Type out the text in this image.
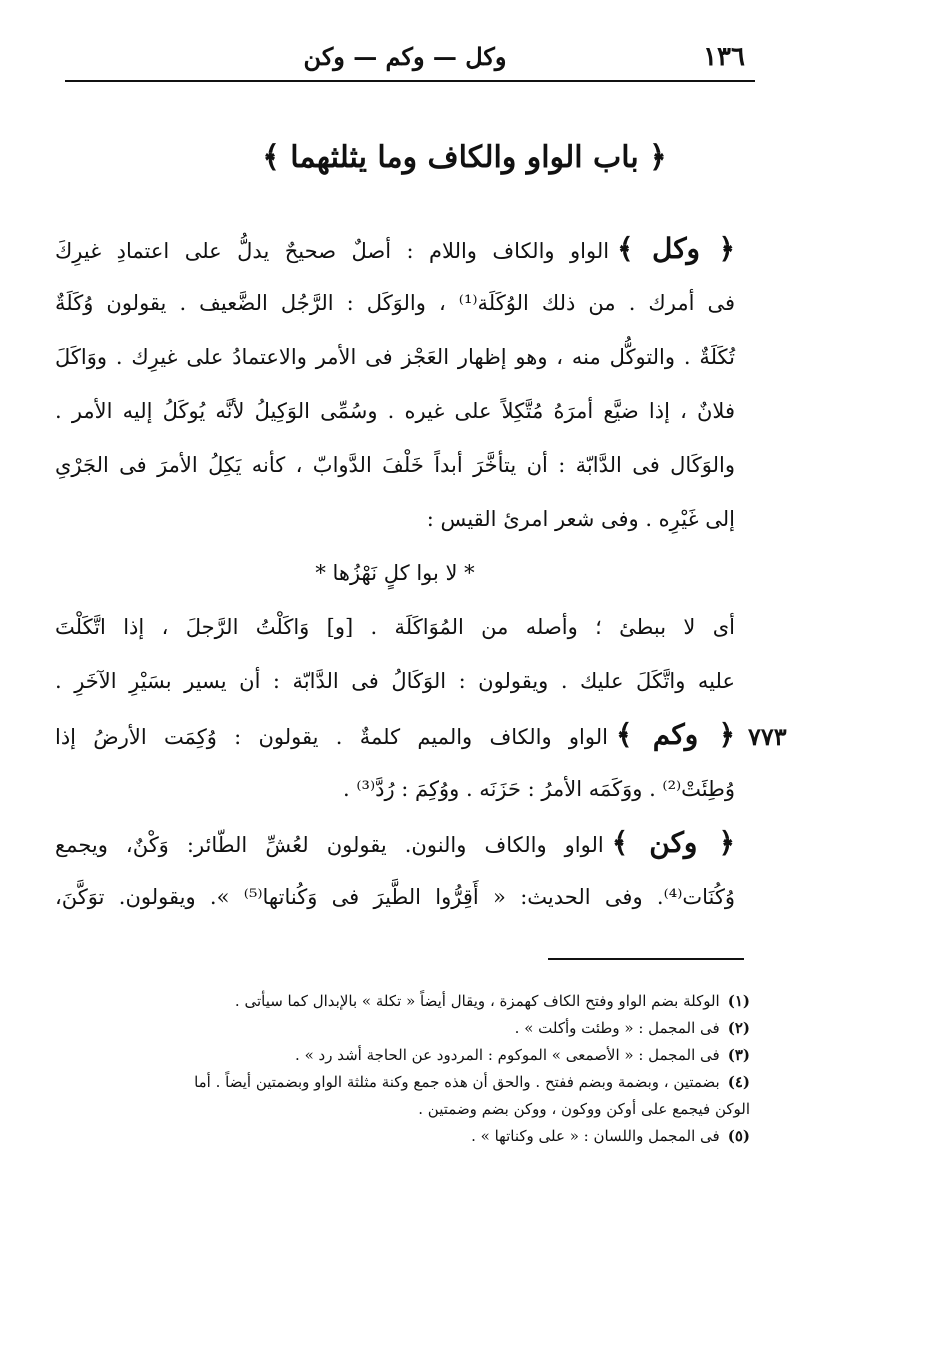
١٣٦
وكل — وكم — وكن
﴿ باب الواو والكاف وما يثلثهما ﴾
﴿ وكل ﴾الواو والكاف واللام : أصلٌ صحيحٌ يدلُّ على اعتمادِ غيرِكَ
فى أمرك . من ذلك الوُكَلَة⁽¹⁾ ، والوَكَل : الرَّجُل الضَّعيف . يقولون وُكَلَةٌ
تُكَلَةٌ . والتوكُّل منه ، وهو إظهار العَجْز فى الأمر والاعتمادُ على غيرِك . ووَاكَلَ
فلانٌ ، إذا ضيَّع أمرَهُ مُتَّكِلاً على غيره . وسُمِّى الوَكِيلُ لأنَّه يُوكَلُ إليه الأمر .
والوَكَال فى الدَّابّة : أن يتأخَّرَ أبداً خَلْفَ الدَّوابّ ، كأنه يَكِلُ الأمرَ فى الجَرْىِ
إلى غَيْرِه . وفى شعر امرئ القيس :
* لا بوا كلٍ نَهْزُها *
أى لا ببطئ ؛ وأصله من المُوَاكَلَة . [و] وَاكَلْتُ الرَّجلَ ، إذا اتَّكَلْتَ
عليه واتَّكَلَ عليك . ويقولون : الوَكَالُ فى الدَّابّة : أن يسير بسَيْرِ الآخَرِ .
﴿ وكم ﴾الواو والكاف والميم كلمةٌ . يقولون : وُكِمَت الأرضُ إذا
وُطِئَتْ⁽²⁾ . ووَكَمَه الأمرُ : حَزَنَه . ووُكِمَ : رُدَّ⁽³⁾ .
﴿ وكن ﴾الواو والكاف والنون. يقولون لعُشِّ الطّائر: وَكْنٌ، ويجمع
وُكُنَات⁽⁴⁾. وفى الحديث: « أَقِرُّوا الطَّيرَ فى وَكُناتها⁽⁵⁾ ». ويقولون. توَكَّنَ،
٧٧٣
(١)الوكلة بضم الواو وفتح الكاف كهمزة ، ويقال أيضاً « تكلة » بالإبدال كما سيأتى .
(٢)فى المجمل : « وطئت وأكلت » .
(٣)فى المجمل : « الأصمعى » الموكوم : المردود عن الحاجة أشد رد » .
(٤)بضمتين ، وبضمة وبضم ففتح . والحق أن هذه جمع وكنة مثلثة الواو وبضمتين أيضاً . أما
الوكن فيجمع على أوكن ووكون ، ووكن بضم وضمتين .
(٥)فى المجمل واللسان : « على وكناتها » .
